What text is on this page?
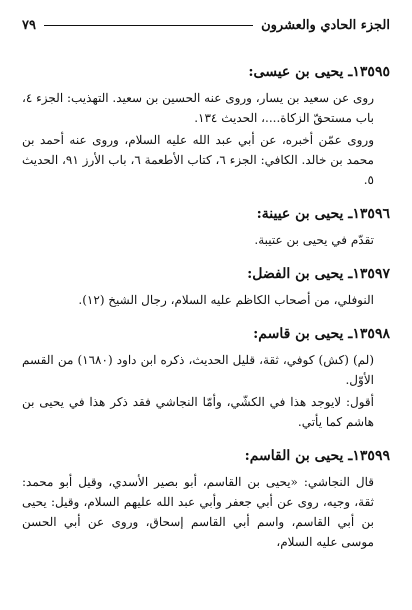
الجزء الحادي والعشرون
٧٩
١٣٥٩٥ـ يحيى بن عيسى:

روى عن سعيد بن يسار، وروى عنه الحسين بن سعيد. التهذيب: الجزء ٤، باب مستحقّ الزكاة....، الحديث ١٣٤.

وروى عمّن أخبره، عن أبي عبد الله عليه السلام، وروى عنه أحمد بن محمد بن خالد. الكافي: الجزء ٦، كتاب الأطعمة ٦، باب الأرز ٩١، الحديث ٥.

١٣٥٩٦ـ يحيى بن عيينة:

تقدّم في يحيى بن عتيبة.

١٣٥٩٧ـ يحيى بن الفضل:

النوفلي، من أصحاب الكاظم عليه السلام، رجال الشيخ (١٢).

١٣٥٩٨ـ يحيى بن قاسم:

(لم) (كش) كوفي، ثقة، قليل الحديث، ذكره ابن داود (١٦٨٠) من القسم الأوّل.

أقول: لايوجد هذا في الكشّي، وأمّا النجاشي فقد ذكر هذا في يحيى بن هاشم كما يأتي.

١٣٥٩٩ـ يحيى بن القاسم:

قال النجاشي: «يحيى بن القاسم، أبو بصير الأسدي، وقيل أبو محمد: ثقة، وجيه، روى عن أبي جعفر وأبي عبد الله عليهم السلام، وقيل: يحيى بن أبي القاسم، واسم أبي القاسم إسحاق، وروى عن أبي الحسن موسى عليه السلام،
